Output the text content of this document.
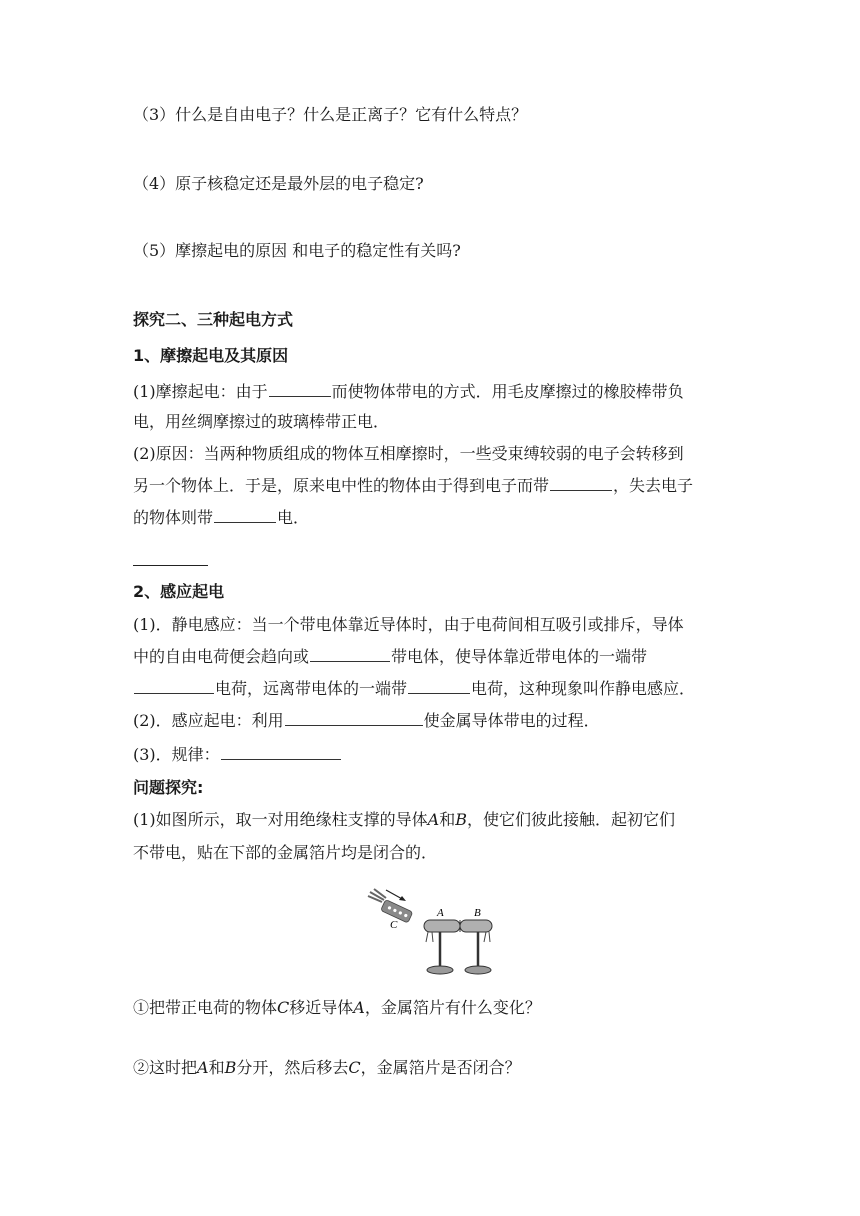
（3）什么是自由电子？什么是正离子？它有什么特点？
（4）原子核稳定还是最外层的电子稳定?
（5）摩擦起电的原因 和电子的稳定性有关吗?
探究二、三种起电方式
1、摩擦起电及其原因
(1)摩擦起电：由于	而使物体带电的方式．用毛皮摩擦过的橡胶棒带负
电，用丝绸摩擦过的玻璃棒带正电．
(2)原因：当两种物质组成的物体互相摩擦时，一些受束缚较弱的电子会转移到
另一个物体上．于是，原来电中性的物体由于得到电子而带	，失去电子
的物体则带	电．
2、感应起电
(1)．静电感应：当一个带电体靠近导体时，由于电荷间相互吸引或排斥，导体
中的自由电荷便会趋向或	带电体，使导体靠近带电体的一端带
电荷，远离带电体的一端带	电荷，这种现象叫作静电感应．
(2)．感应起电：利用	使金属导体带电的过程．
(3)．规律：
问题探究:
(1)如图所示，取一对用绝缘柱支撑的导体A和B，使它们彼此接触．起初它们
不带电，贴在下部的金属箔片均是闭合的．
C
A	B
①把带正电荷的物体C移近导体A，金属箔片有什么变化？
②这时把A和B分开，然后移去C，金属箔片是否闭合？
